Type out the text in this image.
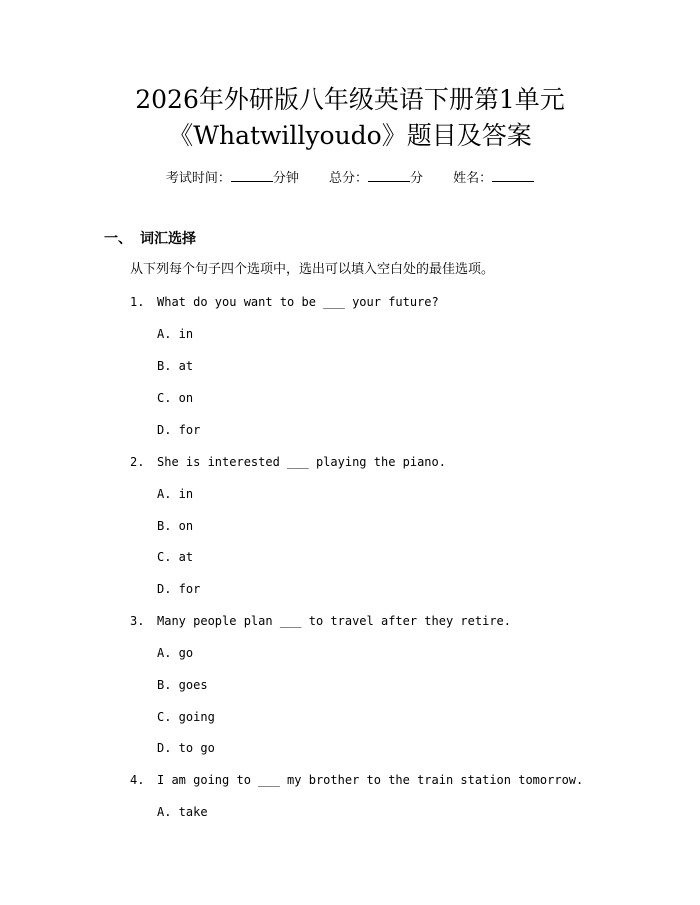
2026年外研版八年级英语下册第1单元
《Whatwillyoudo》题目及答案
考试时间：	分钟 总分：	分 姓名：
一、 词汇选择
从下列每个句子四个选项中，选出可以填入空白处的最佳选项。
1. What do you want to be ___ your future?
A. in
B. at
C. on
D. for
2. She is interested ___ playing the piano.
A. in
B. on
C. at
D. for
3. Many people plan ___ to travel after they retire.
A. go
B. goes
C. going
D. to go
4. I am going to ___ my brother to the train station tomorrow.
A. take
